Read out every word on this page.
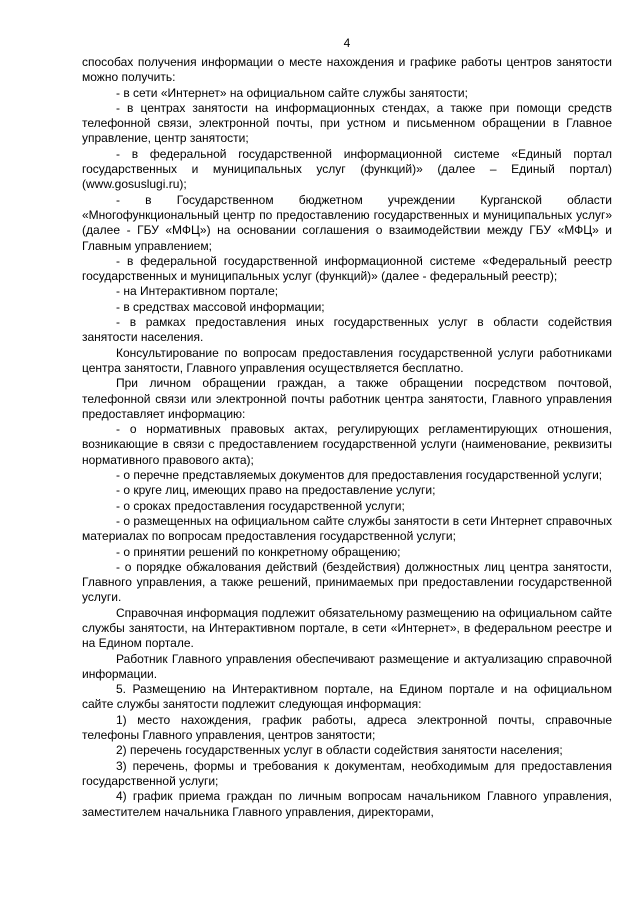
4

способах получения информации о месте нахождения и графике работы центров занятости можно получить:

- в сети «Интернет» на официальном сайте службы занятости;

- в центрах занятости на информационных стендах, а также при помощи средств телефонной связи, электронной почты, при устном и письменном обращении в Главное управление, центр занятости;

- в федеральной государственной информационной системе «Единый портал государственных и муниципальных услуг (функций)» (далее – Единый портал) (www.gosuslugi.ru);

- в Государственном бюджетном учреждении Курганской области «Многофункциональный центр по предоставлению государственных и муниципальных услуг» (далее - ГБУ «МФЦ») на основании соглашения о взаимодействии между ГБУ «МФЦ» и Главным управлением;

- в федеральной государственной информационной системе «Федеральный реестр государственных и муниципальных услуг (функций)» (далее - федеральный реестр);

- на Интерактивном портале;

- в средствах массовой информации;

- в рамках предоставления иных государственных услуг в области содействия занятости населения.

Консультирование по вопросам предоставления государственной услуги работниками центра занятости, Главного управления осуществляется бесплатно.

При личном обращении граждан, а также обращении посредством почтовой, телефонной связи или электронной почты работник центра занятости, Главного управления предоставляет информацию:

- о нормативных правовых актах, регулирующих регламентирующих отношения, возникающие в связи с предоставлением государственной услуги (наименование, реквизиты нормативного правового акта);

- о перечне представляемых документов для предоставления государственной услуги;

- о круге лиц, имеющих право на предоставление услуги;

- о сроках предоставления государственной услуги;

- о размещенных на официальном сайте службы занятости в сети Интернет справочных материалах по вопросам предоставления государственной услуги;

- о принятии решений по конкретному обращению;

- о порядке обжалования действий (бездействия) должностных лиц центра занятости, Главного управления, а также решений, принимаемых при предоставлении государственной услуги.

Справочная информация подлежит обязательному размещению на официальном сайте службы занятости, на Интерактивном портале, в сети «Интернет», в федеральном реестре и на Едином портале.

Работник Главного управления обеспечивают размещение и актуализацию справочной информации.

5. Размещению на Интерактивном портале, на Едином портале и на официальном сайте службы занятости подлежит следующая информация:

1) место нахождения, график работы, адреса электронной почты, справочные телефоны Главного управления, центров занятости;

2) перечень государственных услуг в области содействия занятости населения;

3) перечень, формы и требования к документам, необходимым для предоставления государственной услуги;

4) график приема граждан по личным вопросам начальником Главного управления, заместителем начальника Главного управления, директорами,
